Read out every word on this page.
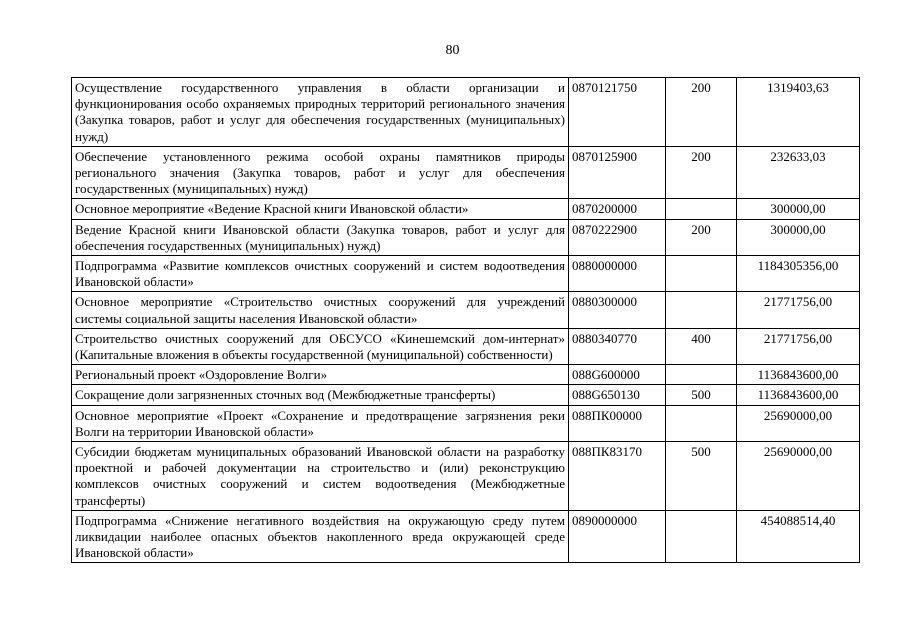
80
Осуществление государственного управления в области организации и функционирования особо охраняемых природных территорий регионального значения (Закупка товаров, работ и услуг для обеспечения государственных (муниципальных) нужд)	0870121750	200	1319403,63
Обеспечение установленного режима особой охраны памятников природы регионального значения (Закупка товаров, работ и услуг для обеспечения государственных (муниципальных) нужд)	0870125900	200	232633,03
Основное мероприятие «Ведение Красной книги Ивановской области»	0870200000		300000,00
Ведение Красной книги Ивановской области (Закупка товаров, работ и услуг для обеспечения государственных (муниципальных) нужд)	0870222900	200	300000,00
Подпрограмма «Развитие комплексов очистных сооружений и систем водоотведения Ивановской области»	0880000000		1184305356,00
Основное мероприятие «Строительство очистных сооружений для учреждений системы социальной защиты населения Ивановской области»	0880300000		21771756,00
Строительство очистных сооружений для ОБСУСО «Кинешемский дом-интернат» (Капитальные вложения в объекты государственной (муниципальной) собственности)	0880340770	400	21771756,00
Региональный проект «Оздоровление Волги»	088G600000		1136843600,00
Сокращение доли загрязненных сточных вод (Межбюджетные трансферты)	088G650130	500	1136843600,00
Основное мероприятие «Проект «Сохранение и предотвращение загрязнения реки Волги на территории Ивановской области»	088ПК00000		25690000,00
Субсидии бюджетам муниципальных образований Ивановской области на разработку проектной и рабочей документации на строительство и (или) реконструкцию комплексов очистных сооружений и систем водоотведения (Межбюджетные трансферты)	088ПК83170	500	25690000,00
Подпрограмма «Снижение негативного воздействия на окружающую среду путем ликвидации наиболее опасных объектов накопленного вреда окружающей среде Ивановской области»	0890000000		454088514,40
